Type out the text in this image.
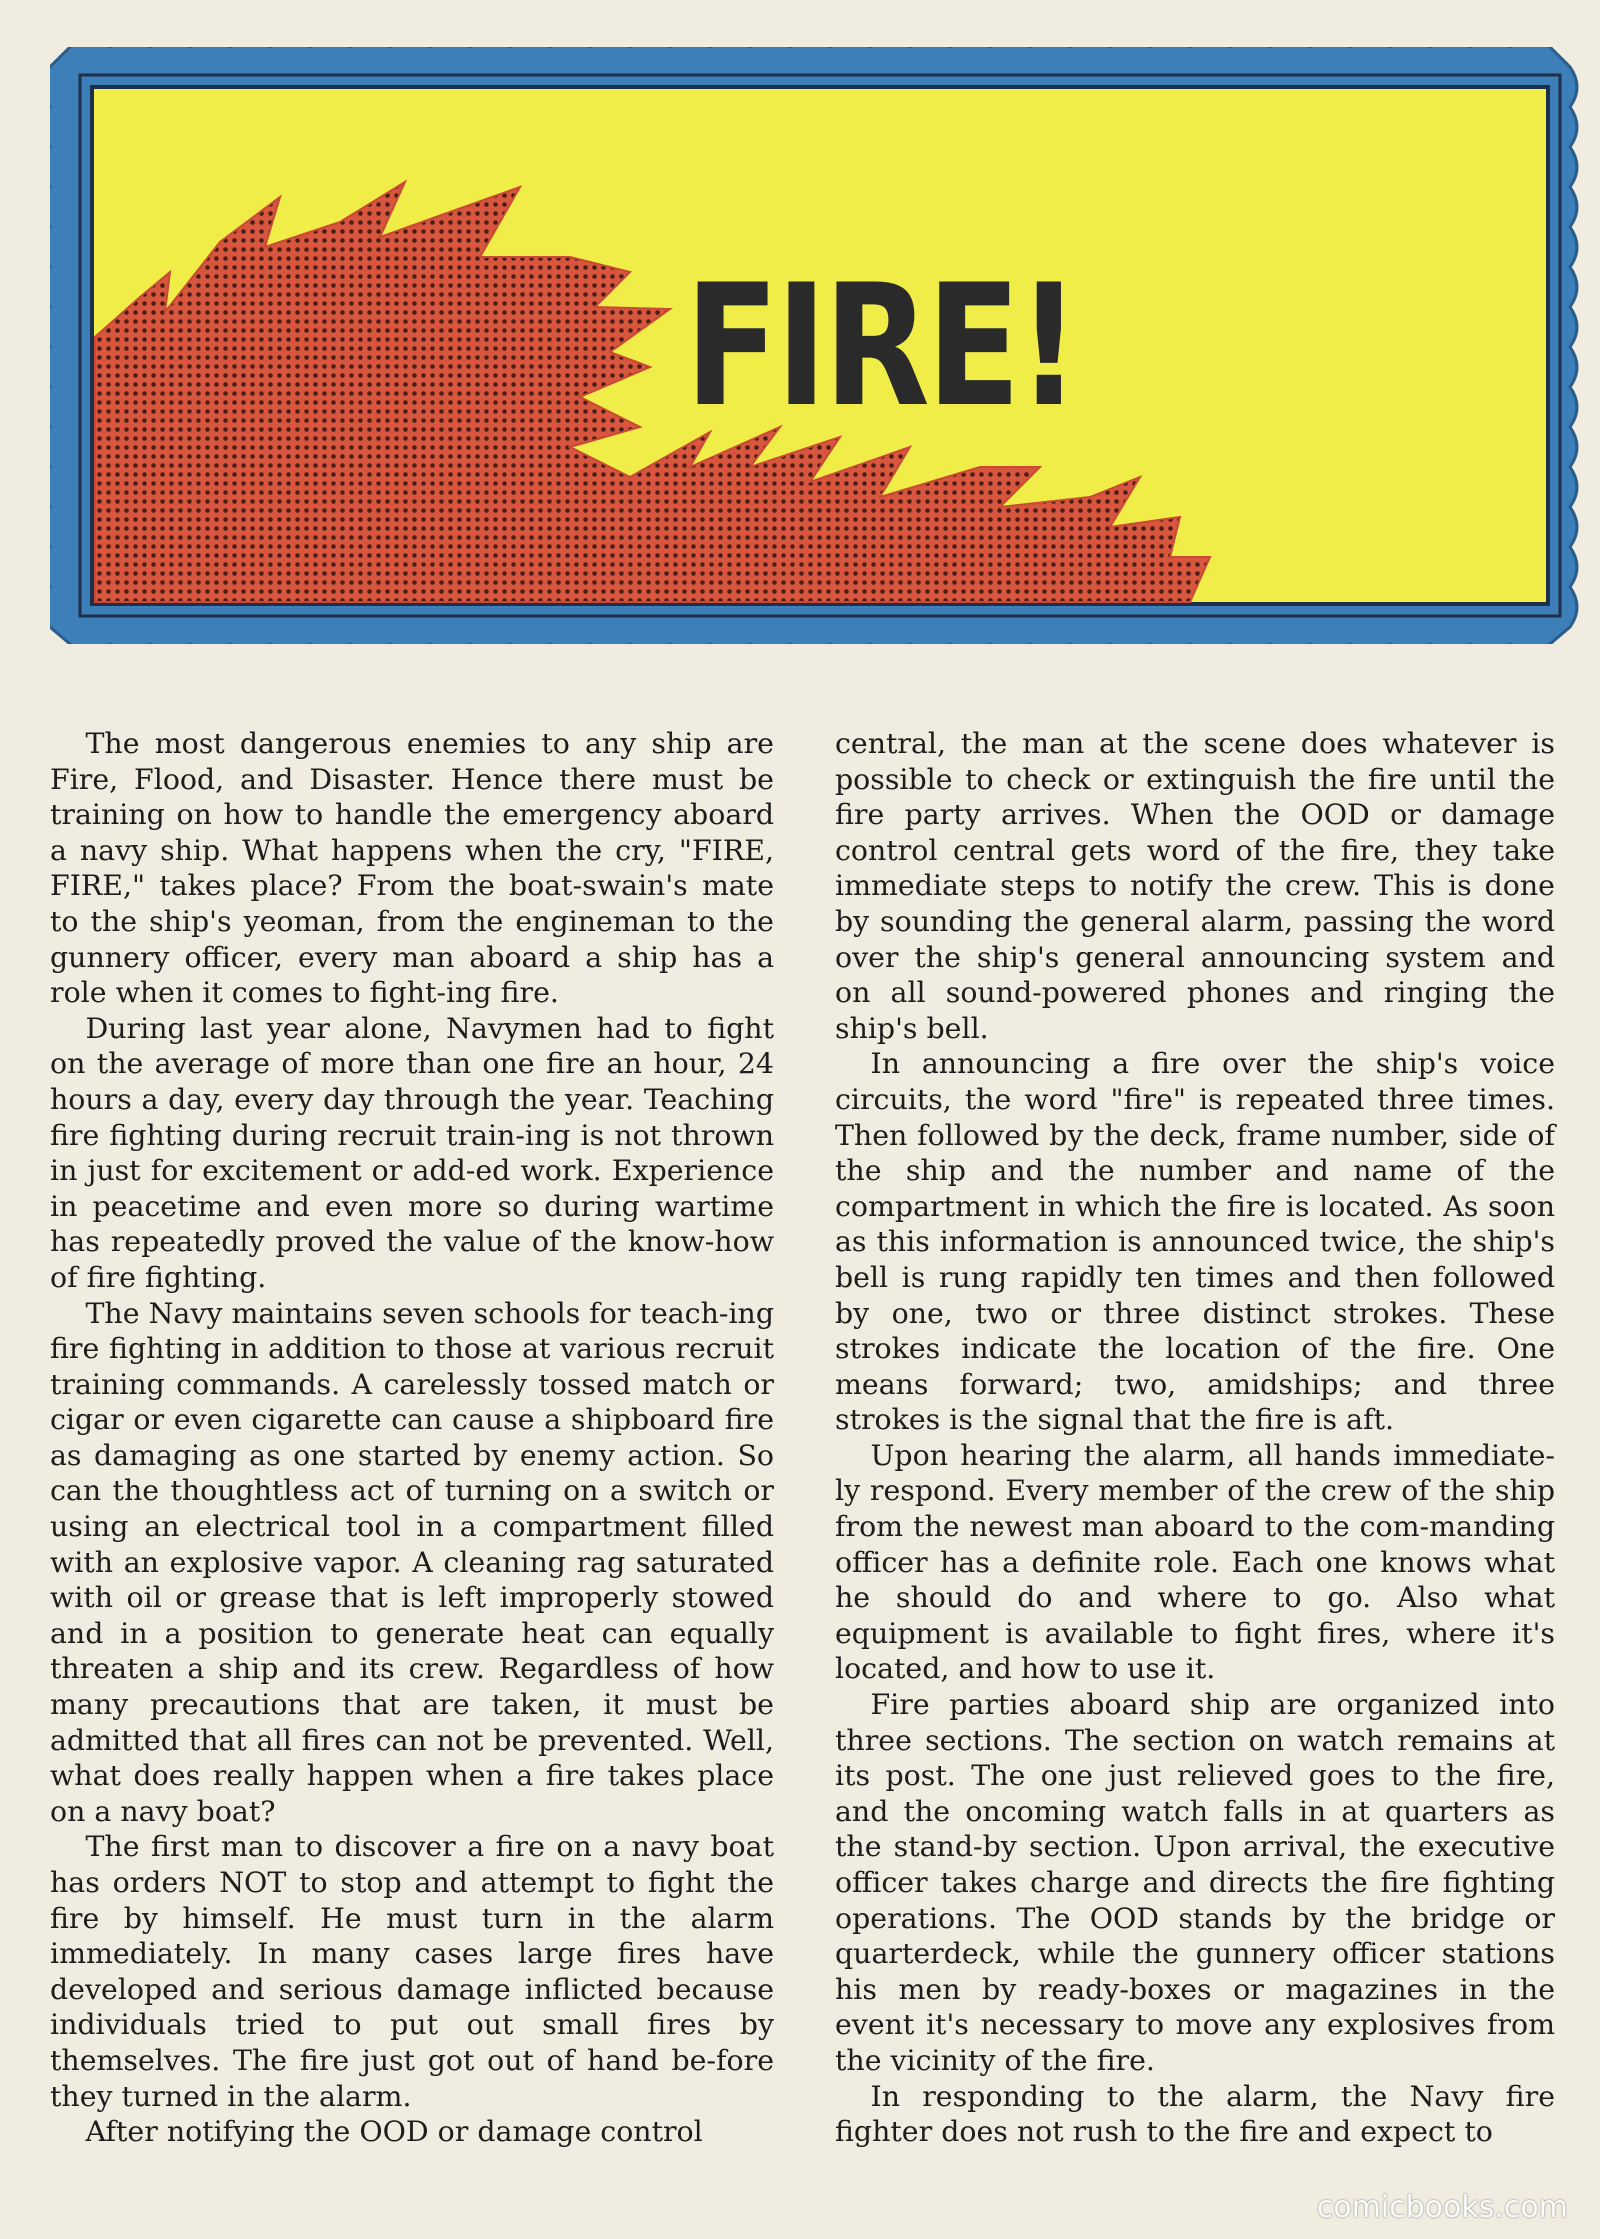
FIRE!

The most dangerous enemies to any ship are Fire, Flood, and Disaster. Hence there must be training on how to handle the emergency aboard a navy ship. What happens when the cry, "FIRE, FIRE," takes place? From the boat-swain's mate to the ship's yeoman, from the engineman to the gunnery officer, every man aboard a ship has a role when it comes to fight-ing fire.

During last year alone, Navymen had to fight on the average of more than one fire an hour, 24 hours a day, every day through the year. Teaching fire fighting during recruit train-ing is not thrown in just for excitement or add-ed work. Experience in peacetime and even more so during wartime has repeatedly proved the value of the know-how of fire fighting.

The Navy maintains seven schools for teach-ing fire fighting in addition to those at various recruit training commands. A carelessly tossed match or cigar or even cigarette can cause a shipboard fire as damaging as one started by enemy action. So can the thoughtless act of turning on a switch or using an electrical tool in a compartment filled with an explosive vapor. A cleaning rag saturated with oil or grease that is left improperly stowed and in a position to generate heat can equally threaten a ship and its crew. Regardless of how many precautions that are taken, it must be admitted that all fires can not be prevented. Well, what does really happen when a fire takes place on a navy boat?

The first man to discover a fire on a navy boat has orders NOT to stop and attempt to fight the fire by himself. He must turn in the alarm immediately. In many cases large fires have developed and serious damage inflicted because individuals tried to put out small fires by themselves. The fire just got out of hand be-fore they turned in the alarm.

After notifying the OOD or damage control

central, the man at the scene does whatever is possible to check or extinguish the fire until the fire party arrives. When the OOD or damage control central gets word of the fire, they take immediate steps to notify the crew. This is done by sounding the general alarm, passing the word over the ship's general announcing system and on all sound-powered phones and ringing the ship's bell.

In announcing a fire over the ship's voice circuits, the word "fire" is repeated three times. Then followed by the deck, frame number, side of the ship and the number and name of the compartment in which the fire is located. As soon as this information is announced twice, the ship's bell is rung rapidly ten times and then followed by one, two or three distinct strokes. These strokes indicate the location of the fire. One means forward; two, amidships; and three strokes is the signal that the fire is aft.

Upon hearing the alarm, all hands immediate-ly respond. Every member of the crew of the ship from the newest man aboard to the com-manding officer has a definite role. Each one knows what he should do and where to go. Also what equipment is available to fight fires, where it's located, and how to use it.

Fire parties aboard ship are organized into three sections. The section on watch remains at its post. The one just relieved goes to the fire, and the oncoming watch falls in at quarters as the stand-by section. Upon arrival, the executive officer takes charge and directs the fire fighting operations. The OOD stands by the bridge or quarterdeck, while the gunnery officer stations his men by ready-boxes or magazines in the event it's necessary to move any explosives from the vicinity of the fire.

In responding to the alarm, the Navy fire fighter does not rush to the fire and expect to

comicbooks.com
